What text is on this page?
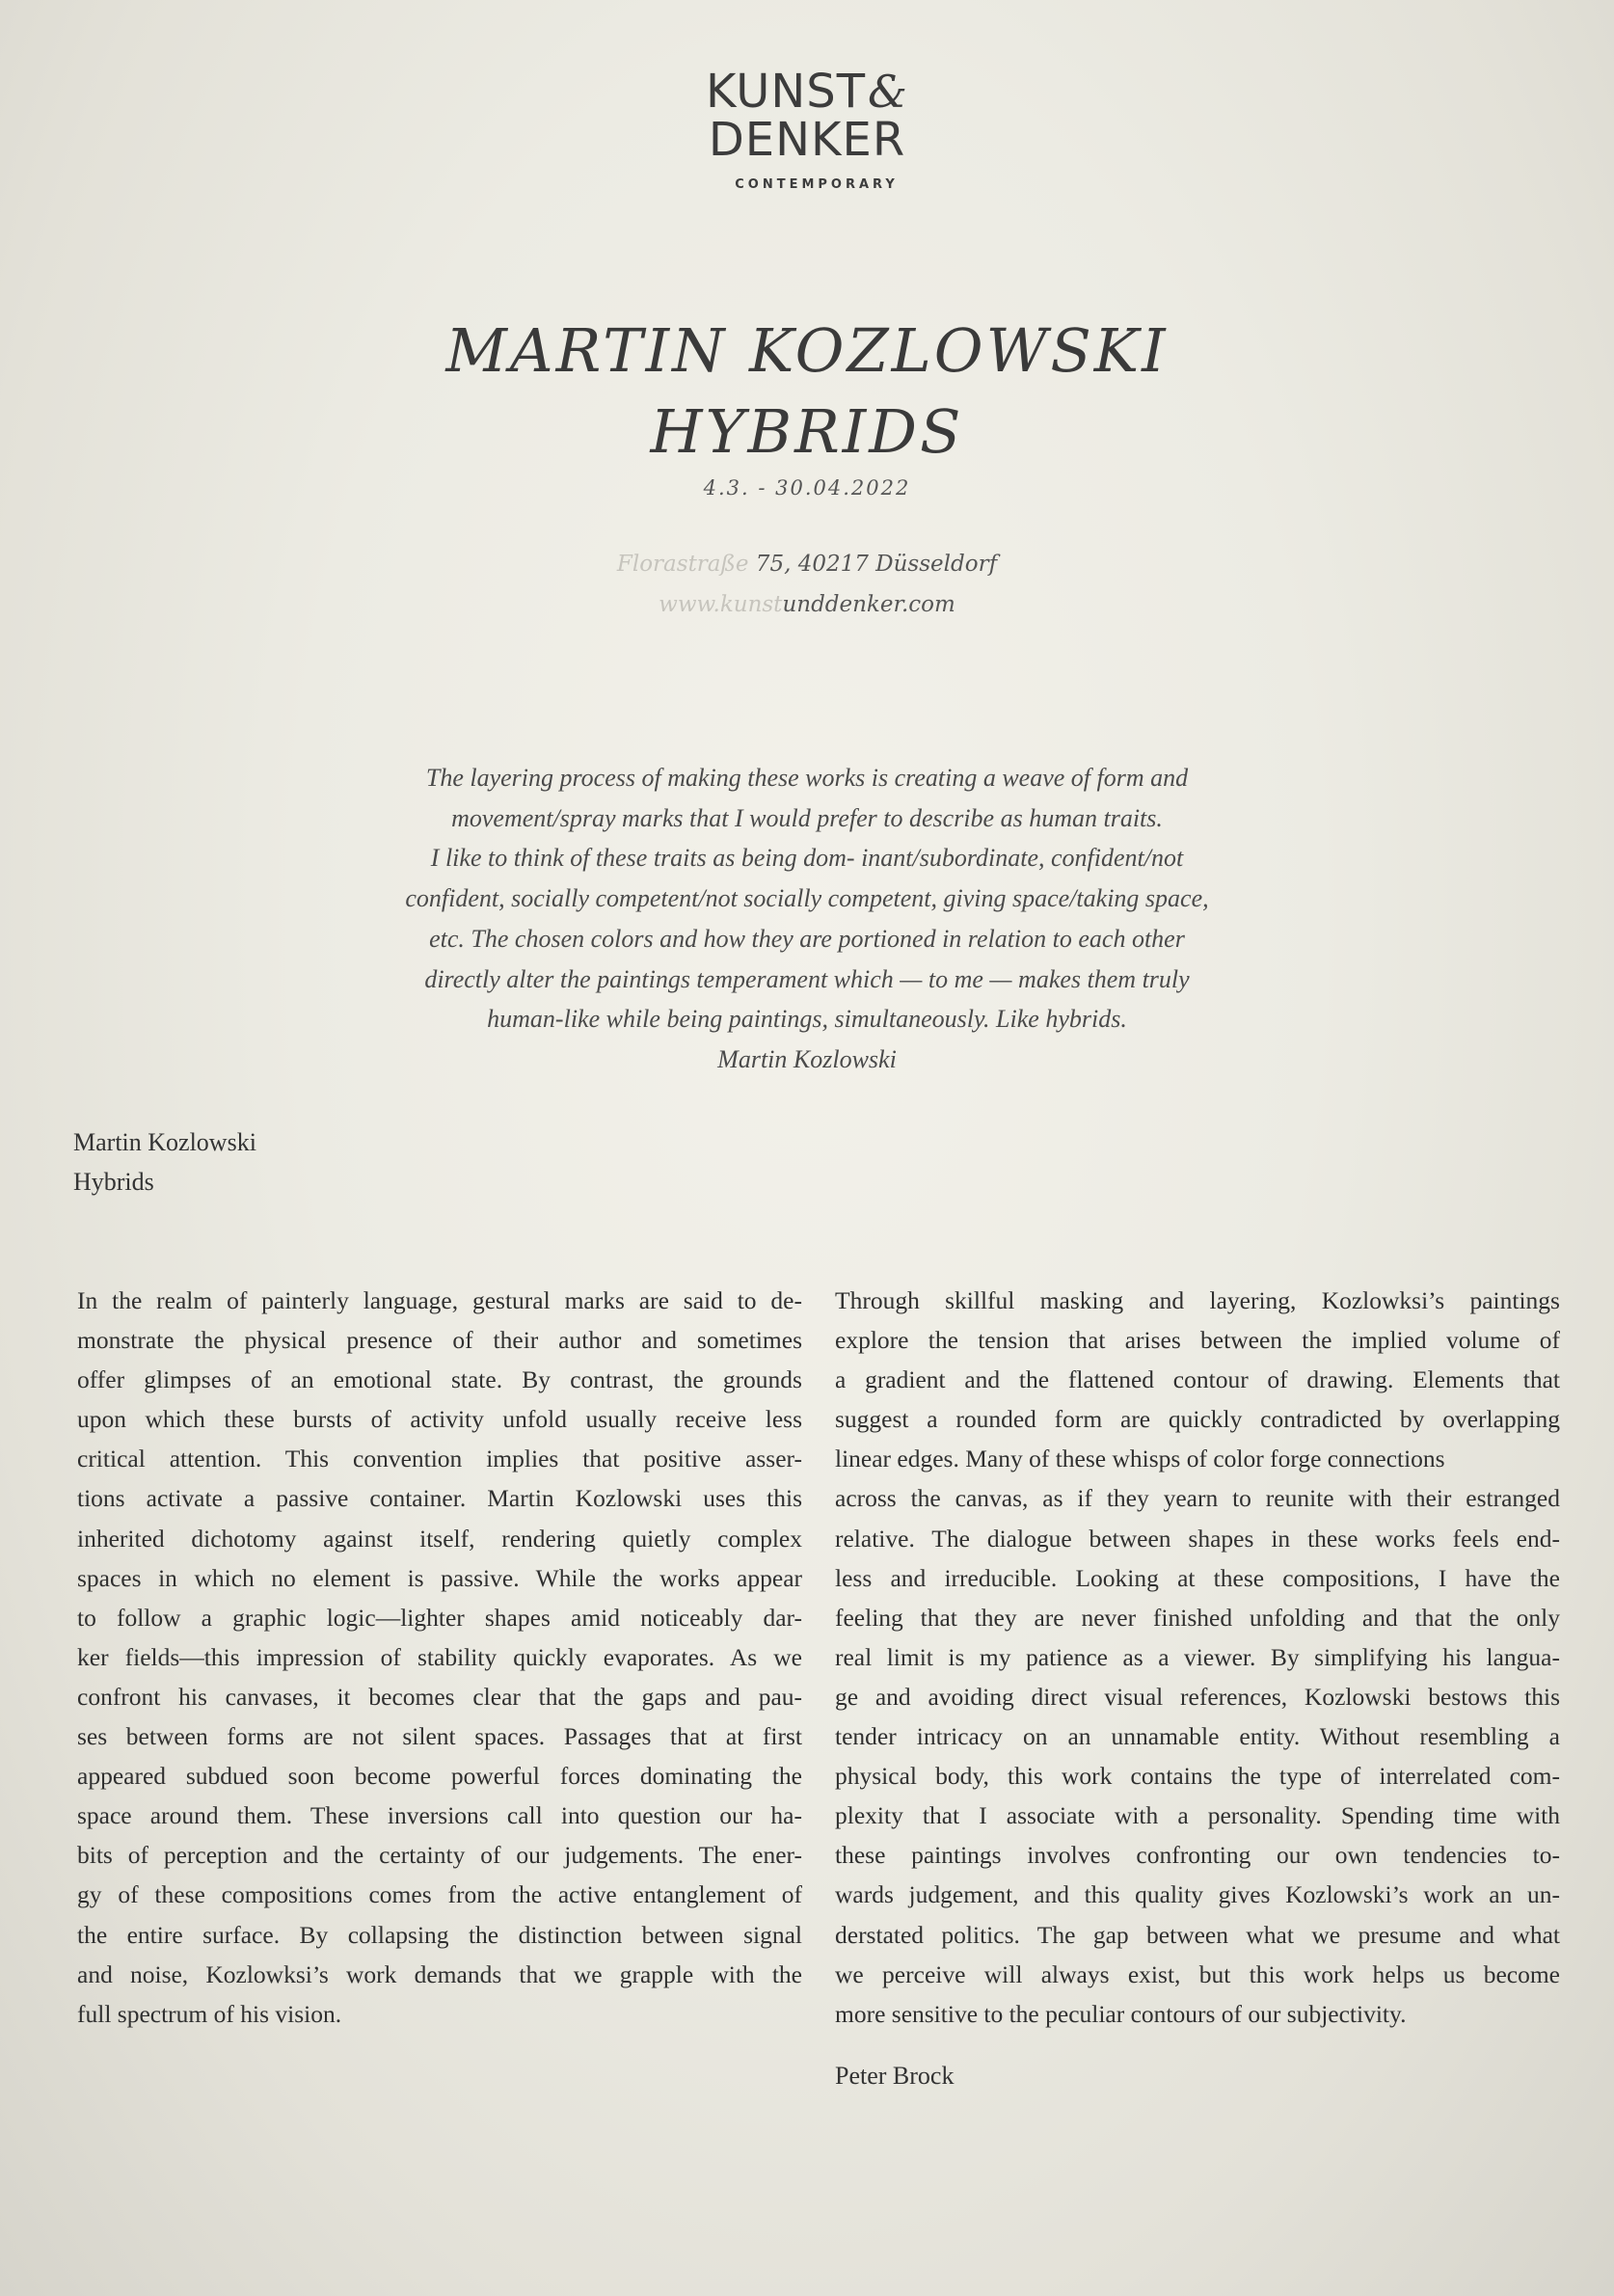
KUNST&
DENKER
CONTEMPORARY
MARTIN KOZLOWSKI
HYBRIDS
4.3. - 30.04.2022
Florastraße 75, 40217 Düsseldorf
www.kunstunddenker.com
The layering process of making these works is creating a weave of form and
movement/spray marks that I would prefer to describe as human traits.
I like to think of these traits as being dom- inant/subordinate, confident/not
confident, socially competent/not socially competent, giving space/taking space,
etc. The chosen colors and how they are portioned in relation to each other
directly alter the paintings temperament which — to me — makes them truly
human-like while being paintings, simultaneously. Like hybrids.
Martin Kozlowski
Martin Kozlowski
Hybrids
In the realm of painterly language, gestural marks are said to de-
monstrate the physical presence of their author and sometimes
offer glimpses of an emotional state. By contrast, the grounds
upon which these bursts of activity unfold usually receive less
critical attention. This convention implies that positive asser-
tions activate a passive container. Martin Kozlowski uses this
inherited dichotomy against itself, rendering quietly complex
spaces in which no element is passive. While the works appear
to follow a graphic logic—lighter shapes amid noticeably dar-
ker fields—this impression of stability quickly evaporates. As we
confront his canvases, it becomes clear that the gaps and pau-
ses between forms are not silent spaces. Passages that at first
appeared subdued soon become powerful forces dominating the
space around them. These inversions call into question our ha-
bits of perception and the certainty of our judgements. The ener-
gy of these compositions comes from the active entanglement of
the entire surface. By collapsing the distinction between signal
and noise, Kozlowksi’s work demands that we grapple with the
full spectrum of his vision.
Through skillful masking and layering, Kozlowksi’s paintings
explore the tension that arises between the implied volume of
a gradient and the flattened contour of drawing. Elements that
suggest a rounded form are quickly contradicted by overlapping
linear edges. Many of these whisps of color forge connections
across the canvas, as if they yearn to reunite with their estranged
relative. The dialogue between shapes in these works feels end-
less and irreducible. Looking at these compositions, I have the
feeling that they are never finished unfolding and that the only
real limit is my patience as a viewer. By simplifying his langua-
ge and avoiding direct visual references, Kozlowski bestows this
tender intricacy on an unnamable entity. Without resembling a
physical body, this work contains the type of interrelated com-
plexity that I associate with a personality. Spending time with
these paintings involves confronting our own tendencies to-
wards judgement, and this quality gives Kozlowski’s work an un-
derstated politics. The gap between what we presume and what
we perceive will always exist, but this work helps us become
more sensitive to the peculiar contours of our subjectivity.
Peter Brock
